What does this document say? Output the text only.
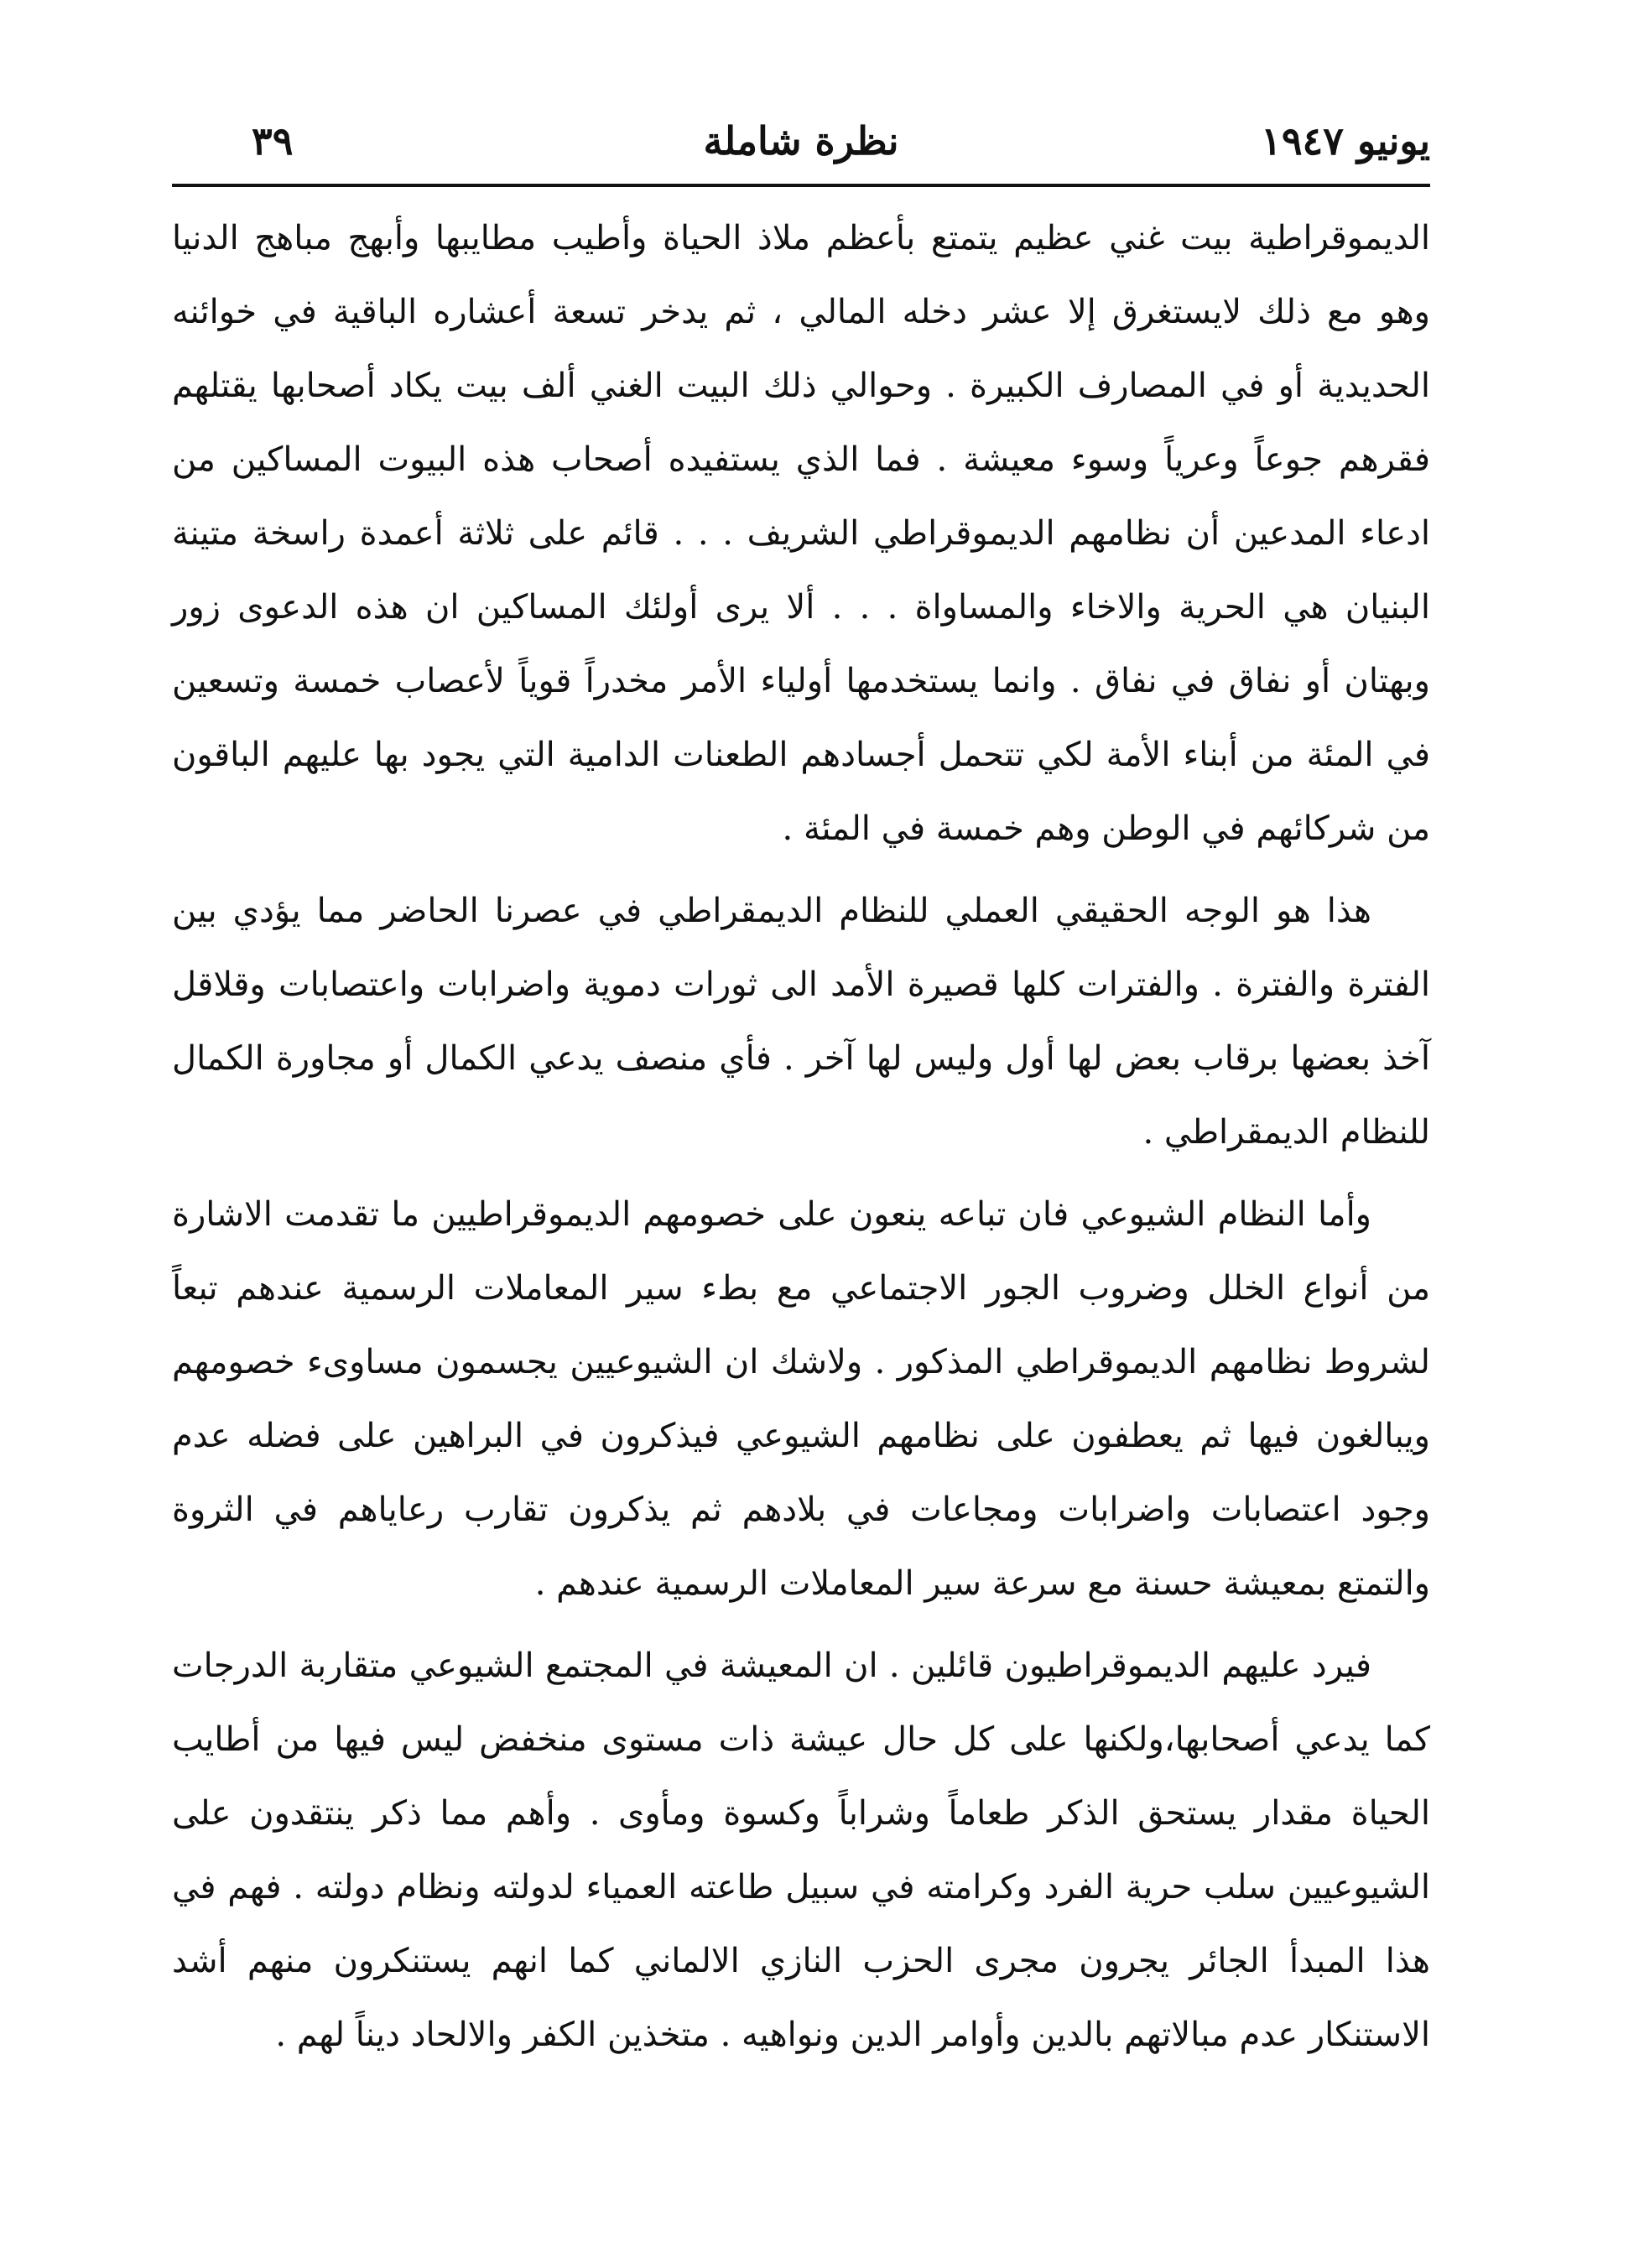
يونيو ١٩٤٧
نظرة شاملة
٣٩

الديموقراطية بيت غني عظيم يتمتع بأعظم ملاذ الحياة وأطيب مطايبها وأبهج مباهج الدنيا وهو مع ذلك لايستغرق إلا عشر دخله المالي ، ثم يدخر تسعة أعشاره الباقية في خوائنه الحديدية أو في المصارف الكبيرة . وحوالي ذلك البيت الغني ألف بيت يكاد أصحابها يقتلهم فقرهم جوعاً وعرياً وسوء معيشة . فما الذي يستفيده أصحاب هذه البيوت المساكين من ادعاء المدعين أن نظامهم الديموقراطي الشريف . . . قائم على ثلاثة أعمدة راسخة متينة البنيان هي الحرية والاخاء والمساواة . . . ألا يرى أولئك المساكين ان هذه الدعوى زور وبهتان أو نفاق في نفاق . وانما يستخدمها أولياء الأمر مخدراً قوياً لأعصاب خمسة وتسعين في المئة من أبناء الأمة لكي تتحمل أجسادهم الطعنات الدامية التي يجود بها عليهم الباقون من شركائهم في الوطن وهم خمسة في المئة .

هذا هو الوجه الحقيقي العملي للنظام الديمقراطي في عصرنا الحاضر مما يؤدي بين الفترة والفترة . والفترات كلها قصيرة الأمد الى ثورات دموية واضرابات واعتصابات وقلاقل آخذ بعضها برقاب بعض لها أول وليس لها آخر . فأي منصف يدعي الكمال أو مجاورة الكمال للنظام الديمقراطي .

وأما النظام الشيوعي فان تباعه ينعون على خصومهم الديموقراطيين ما تقدمت الاشارة من أنواع الخلل وضروب الجور الاجتماعي مع بطء سير المعاملات الرسمية عندهم تبعاً لشروط نظامهم الديموقراطي المذكور . ولاشك ان الشيوعيين يجسمون مساوىء خصومهم ويبالغون فيها ثم يعطفون على نظامهم الشيوعي فيذكرون في البراهين على فضله عدم وجود اعتصابات واضرابات ومجاعات في بلادهم ثم يذكرون تقارب رعاياهم في الثروة والتمتع بمعيشة حسنة مع سرعة سير المعاملات الرسمية عندهم .

فيرد عليهم الديموقراطيون قائلين . ان المعيشة في المجتمع الشيوعي متقاربة الدرجات كما يدعي أصحابها،ولكنها على كل حال عيشة ذات مستوى منخفض ليس فيها من أطايب الحياة مقدار يستحق الذكر طعاماً وشراباً وكسوة ومأوى . وأهم مما ذكر ينتقدون على الشيوعيين سلب حرية الفرد وكرامته في سبيل طاعته العمياء لدولته ونظام دولته . فهم في هذا المبدأ الجائر يجرون مجرى الحزب النازي الالماني كما انهم يستنكرون منهم أشد الاستنكار عدم مبالاتهم بالدين وأوامر الدين ونواهيه . متخذين الكفر والالحاد ديناً لهم .
